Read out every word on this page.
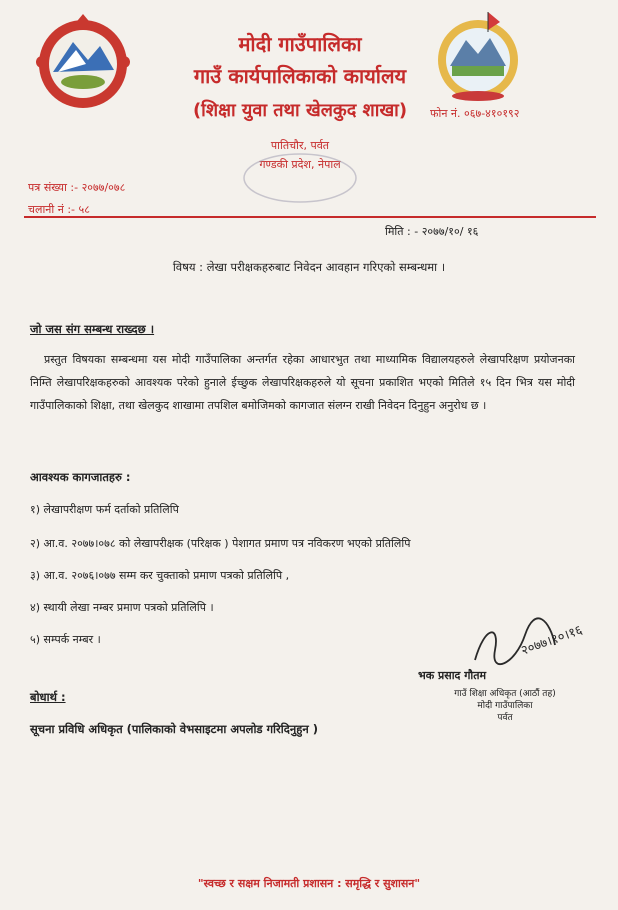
मोदी गाउँपालिका
गाउँ कार्यपालिकाको कार्यालय
(शिक्षा युवा तथा खेलकुद शाखा)
पातिचौर, पर्वत
गण्डकी प्रदेश, नेपाल
फोन नं. ०६७-४१०१९२
पत्र संख्या :- २०७७/०७८
चलानी नं :- ५८
मिति : - २०७७/१०/ १६
विषय : लेखा परीक्षकहरुबाट निवेदन आवहान गरिएको सम्बन्धमा ।
जो जस संग सम्बन्ध राख्दछ ।
प्रस्तुत विषयका सम्बन्धमा यस मोदी गाउँपालिका अन्तर्गत रहेका आधारभुत तथा माध्यामिक विद्यालयहरुले लेखापरिक्षण प्रयोजनका निम्ति लेखापरिक्षकहरुको आवश्यक परेको हुनाले ईच्छुक लेखापरिक्षकहरुले यो सूचना प्रकाशित भएको मितिले १५ दिन भित्र यस मोदी गाउँपालिकाको शिक्षा, तथा खेलकुद शाखामा तपशिल बमोजिमको कागजात संलग्न राखी निवेदन दिनुहुन अनुरोध छ ।
आवश्यक कागजातहरु :
१) लेखापरीक्षण फर्म दर्ताको प्रतिलिपि
२) आ.व. २०७७।०७८ को लेखापरीक्षक (परिक्षक ) पेशागत प्रमाण पत्र नविकरण भएको प्रतिलिपि
३) आ.व. २०७६।०७७ सम्म कर चुक्ताको प्रमाण पत्रको प्रतिलिपि ,
४) स्थायी लेखा नम्बर प्रमाण पत्रको प्रतिलिपि ।
५) सम्पर्क नम्बर ।	२०७७।१०।१६
भक प्रसाद गौतम
गाउँ शिक्षा अधिकृत (आठौं तह)
मोदी गाउँपालिका
पर्वत
बोधार्थ :
सूचना प्रविधि अधिकृत (पालिकाको वेभसाइटमा अपलोड गरिदिनुहुन )
"स्वच्छ र सक्षम निजामती प्रशासन : समृद्धि र सुशासन"
